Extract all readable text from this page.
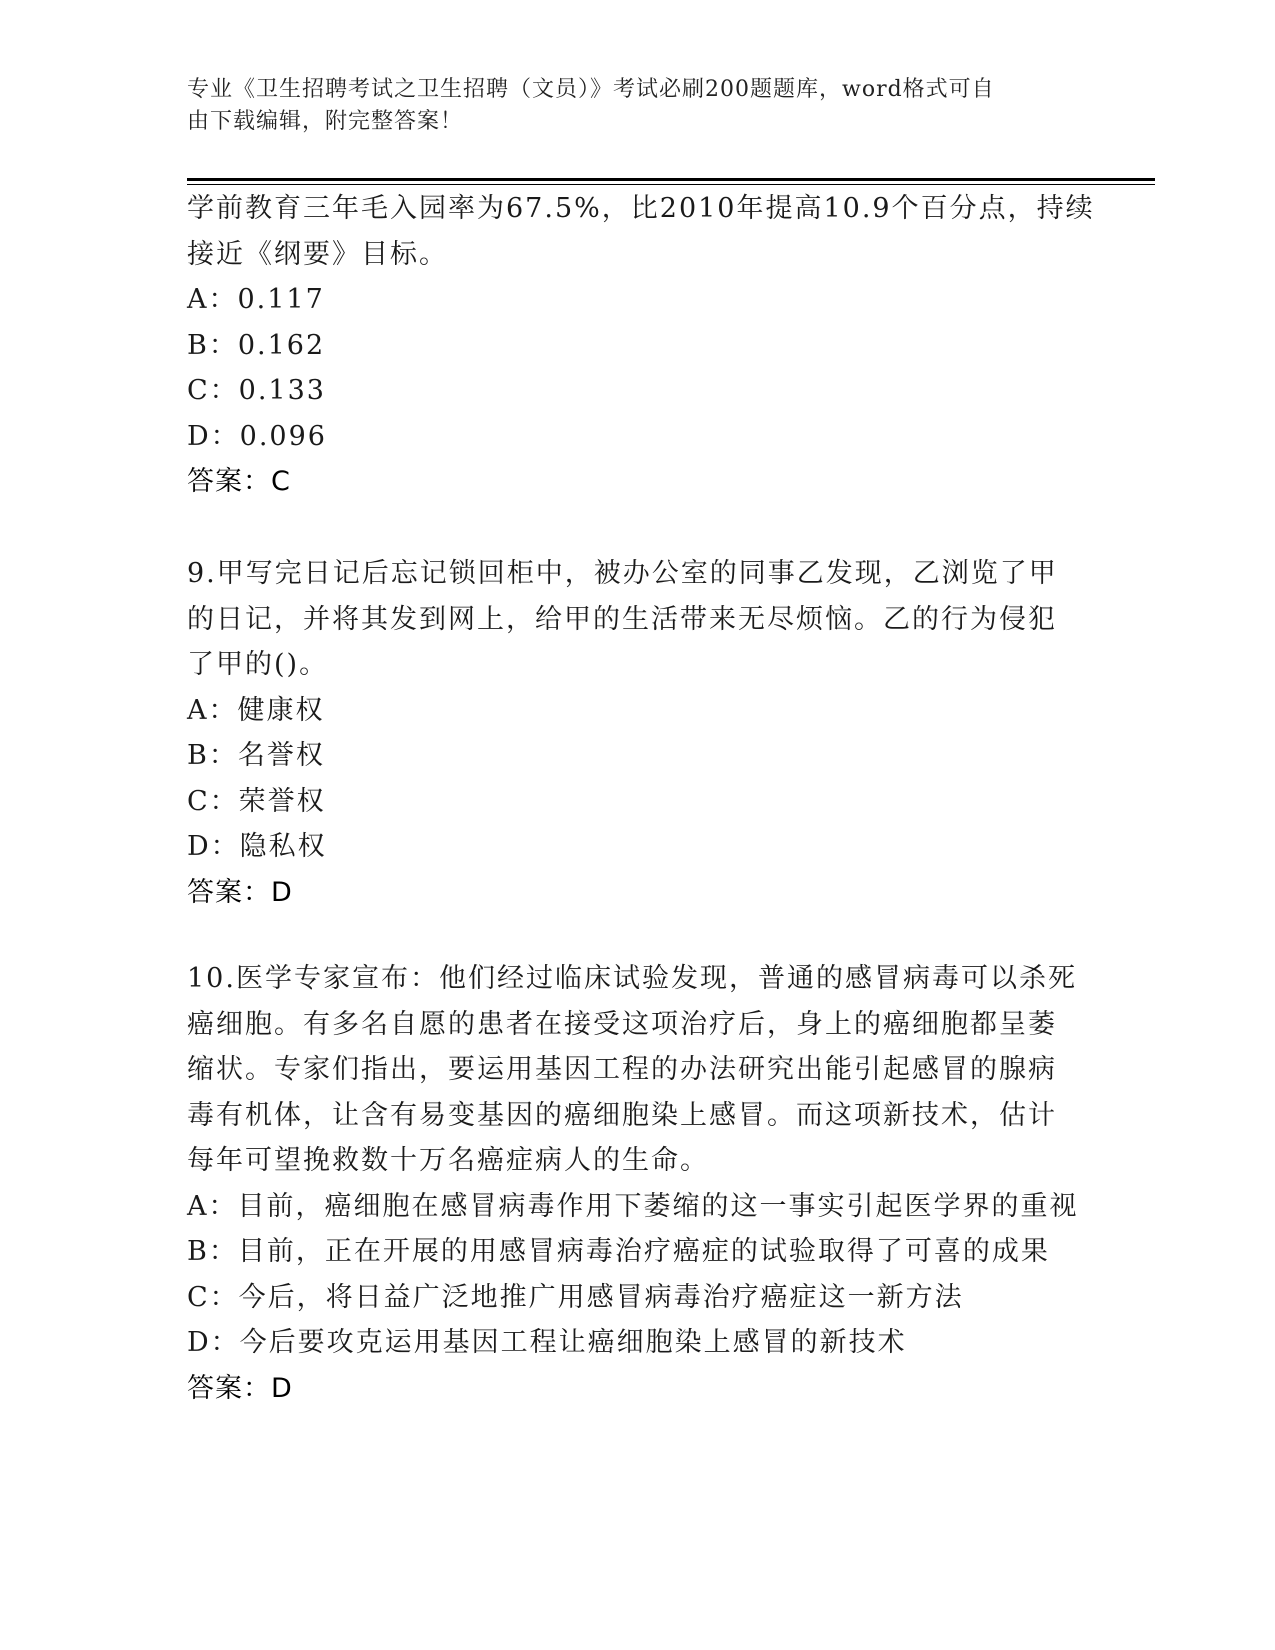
专业《卫生招聘考试之卫生招聘（文员）》考试必刷200题题库，word格式可自
由下载编辑，附完整答案！
学前教育三年毛入园率为67.5%，比2010年提高10.9个百分点，持续
接近《纲要》目标。
A：0.117
B：0.162
C：0.133
D：0.096
答案：C
9.甲写完日记后忘记锁回柜中，被办公室的同事乙发现，乙浏览了甲
的日记，并将其发到网上，给甲的生活带来无尽烦恼。乙的行为侵犯
了甲的()。
A：健康权
B：名誉权
C：荣誉权
D：隐私权
答案：D
10.医学专家宣布：他们经过临床试验发现，普通的感冒病毒可以杀死
癌细胞。有多名自愿的患者在接受这项治疗后，身上的癌细胞都呈萎
缩状。专家们指出，要运用基因工程的办法研究出能引起感冒的腺病
毒有机体，让含有易变基因的癌细胞染上感冒。而这项新技术，估计
每年可望挽救数十万名癌症病人的生命。
A：目前，癌细胞在感冒病毒作用下萎缩的这一事实引起医学界的重视
B：目前，正在开展的用感冒病毒治疗癌症的试验取得了可喜的成果
C：今后，将日益广泛地推广用感冒病毒治疗癌症这一新方法
D：今后要攻克运用基因工程让癌细胞染上感冒的新技术
答案：D
